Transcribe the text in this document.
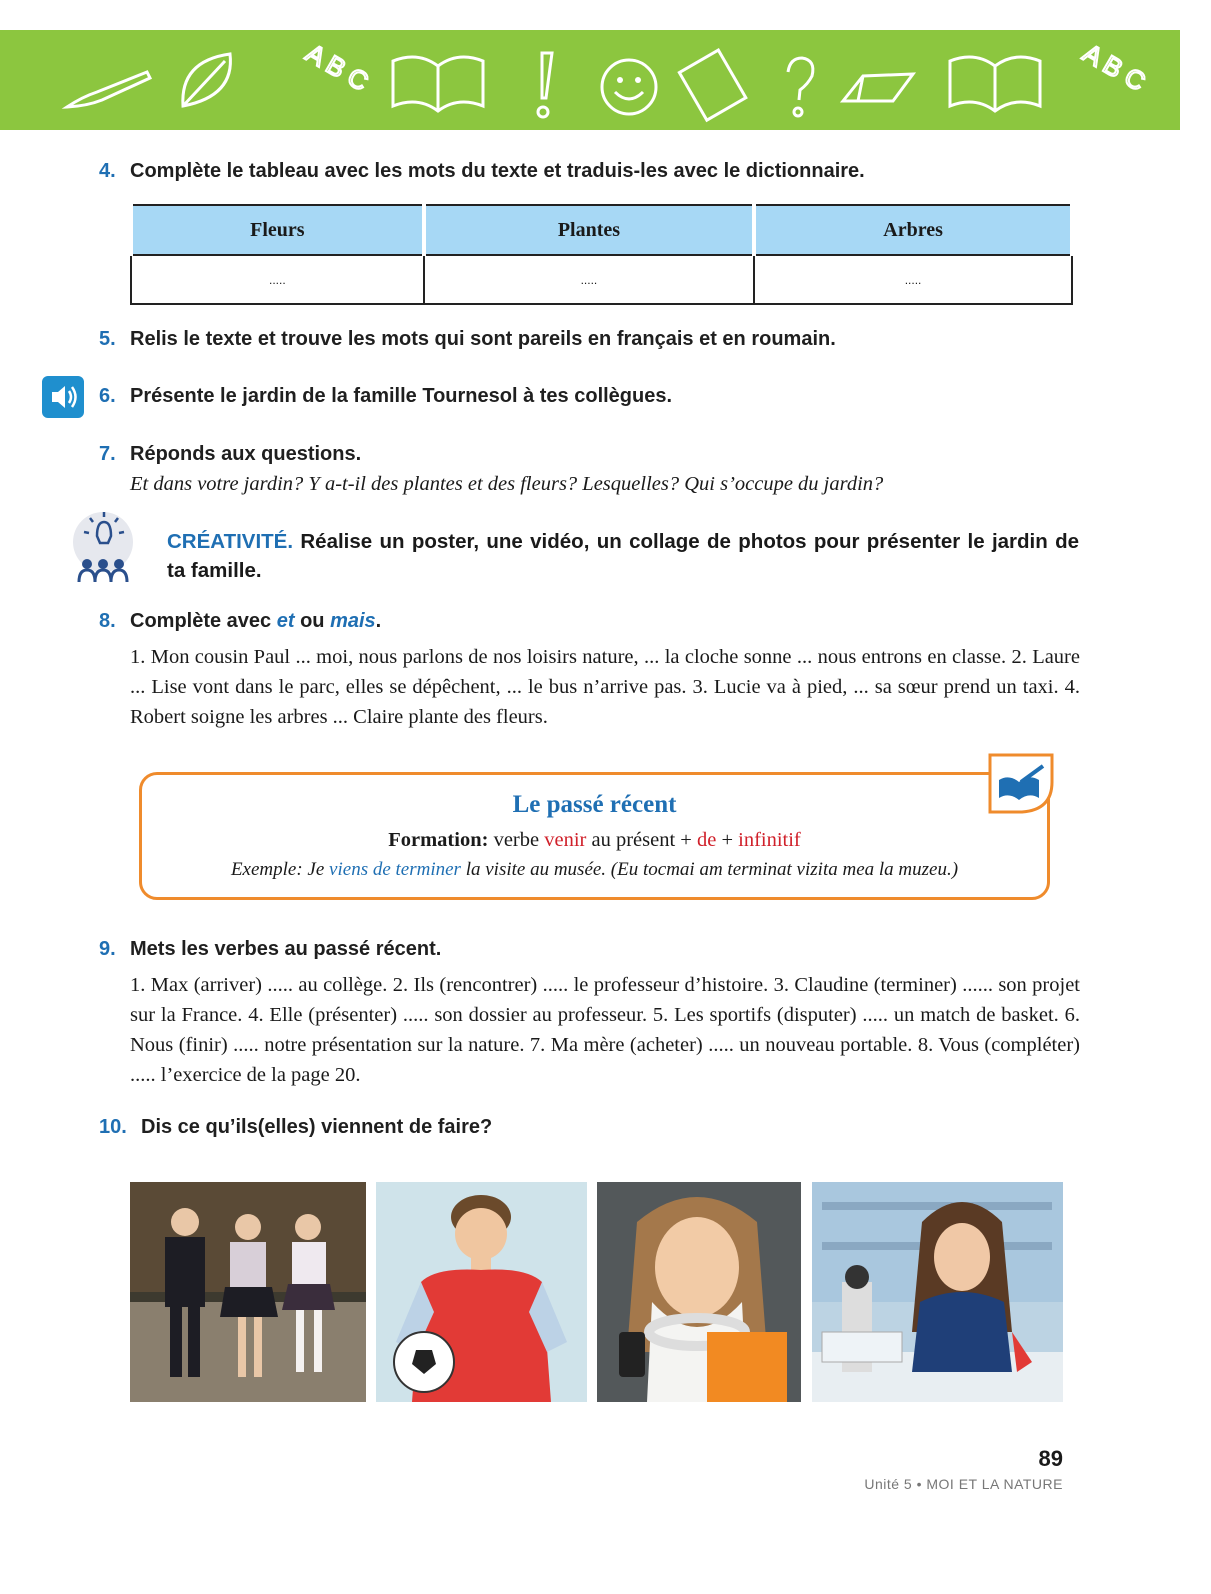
A B C	A B C
4. Complète le tableau avec les mots du texte et traduis-les avec le dictionnaire.
Fleurs	Plantes	Arbres
.....	.....	.....
5. Relis le texte et trouve les mots qui sont pareils en français et en roumain.
6. Présente le jardin de la famille Tournesol à tes collègues.
7. Réponds aux questions.
Et dans votre jardin? Y a-t-il des plantes et des fleurs? Lesquelles? Qui s’occupe du jardin?
CRÉATIVITÉ. Réalise un poster, une vidéo, un collage de photos pour présenter le jardin de ta famille.
8. Complète avec et ou mais.
1. Mon cousin Paul ... moi, nous parlons de nos loisirs nature, ... la cloche sonne ... nous entrons en classe. 2. Laure ... Lise vont dans le parc, elles se dépêchent, ... le bus n’arrive pas. 3. Lucie va à pied, ... sa sœur prend un taxi. 4. Robert soigne les arbres ... Claire plante des fleurs.
Le passé récent
Formation: verbe venir au présent + de + infinitif
Exemple: Je viens de terminer la visite au musée. (Eu tocmai am terminat vizita mea la muzeu.)
9. Mets les verbes au passé récent.
1. Max (arriver) ..... au collège. 2. Ils (rencontrer) ..... le professeur d’histoire. 3. Claudine (terminer) ...... son projet sur la France. 4. Elle (présenter) ..... son dossier au professeur. 5. Les sportifs (disputer) ..... un match de basket. 6. Nous (finir) ..... notre présentation sur la nature. 7. Ma mère (acheter) ..... un nouveau portable. 8. Vous (compléter) ..... l’exercice de la page 20.
10. Dis ce qu’ils(elles) viennent de faire?
89
Unité 5 • MOI ET LA NATURE
